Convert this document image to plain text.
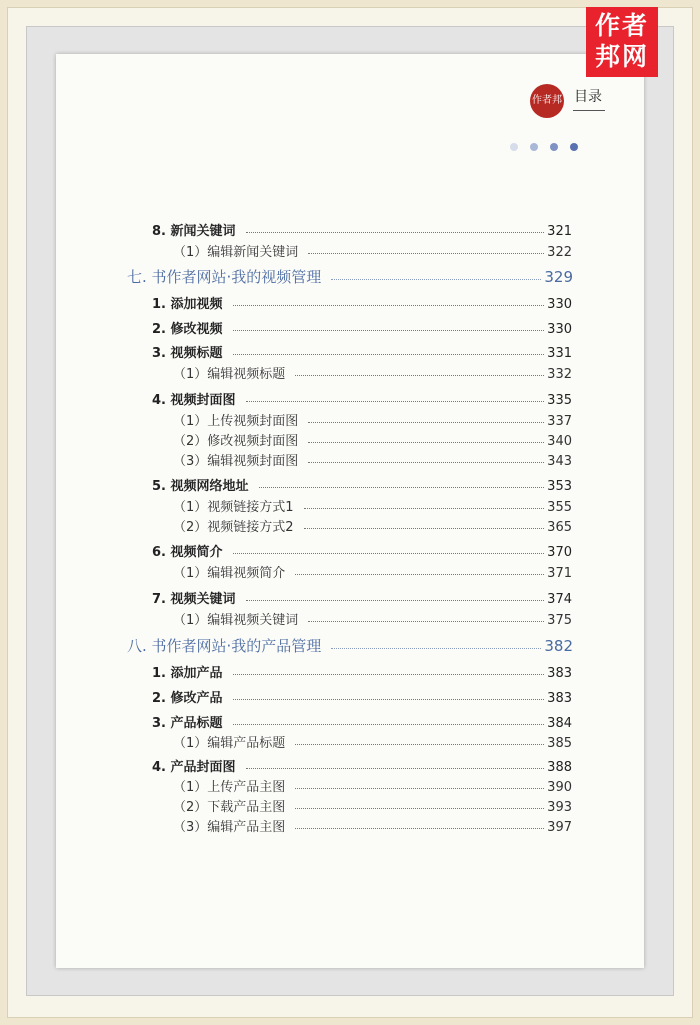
作者
邦网
作者邦 目录
8. 新闻关键词	321
（1）编辑新闻关键词	322
七. 书作者网站·我的视频管理	329
1. 添加视频	330
2. 修改视频	330
3. 视频标题	331
（1）编辑视频标题	332
4. 视频封面图	335
（1）上传视频封面图	337
（2）修改视频封面图	340
（3）编辑视频封面图	343
5. 视频网络地址	353
（1）视频链接方式1	355
（2）视频链接方式2	365
6. 视频简介	370
（1）编辑视频简介	371
7. 视频关键词	374
（1）编辑视频关键词	375
八. 书作者网站·我的产品管理	382
1. 添加产品	383
2. 修改产品	383
3. 产品标题	384
（1）编辑产品标题	385
4. 产品封面图	388
（1）上传产品主图	390
（2）下载产品主图	393
（3）编辑产品主图	397
